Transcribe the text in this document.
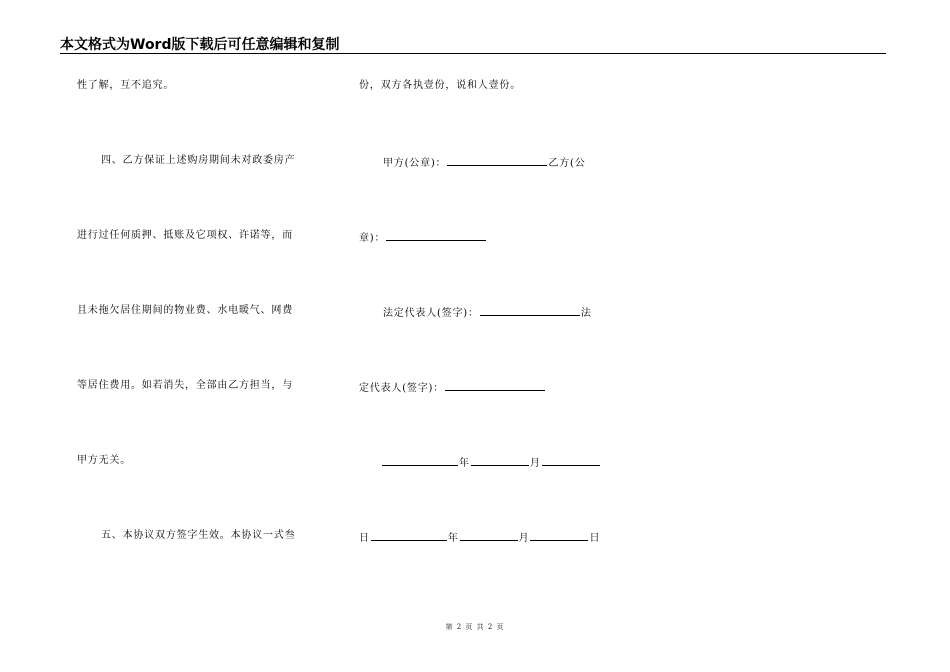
本文格式为Word版下载后可任意编辑和复制
性了解，互不追究。
四、乙方保证上述购房期间未对政委房产
进行过任何质押、抵账及它项权、许诺等，而
且未拖欠居住期间的物业费、水电暖气、网费
等居住费用。如若消失，全部由乙方担当，与
甲方无关。
五、本协议双方签字生效。本协议一式叁
份，双方各执壹份，说和人壹份。
甲方(公章)：	乙方(公
章)：
法定代表人(签字)：	法
定代表人(签字)：
年	月
日	年	月	日
第 2 页 共 2 页
